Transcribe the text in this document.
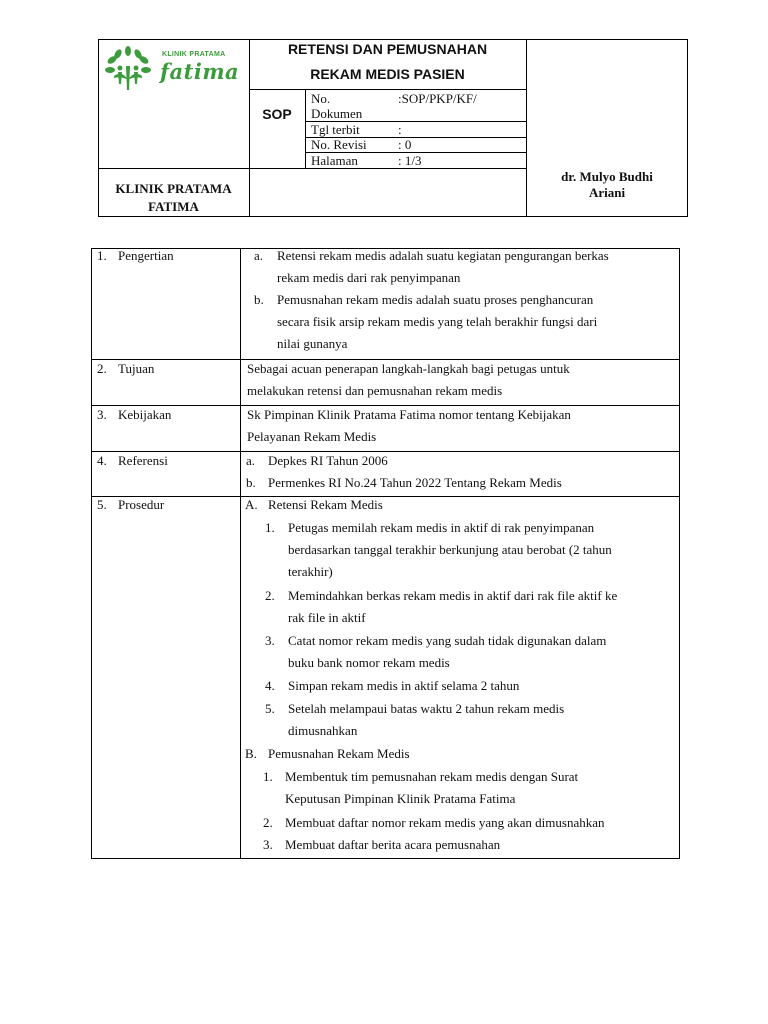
KLINIK PRATAMA
fatima
RETENSI DAN PEMUSNAHAN
REKAM MEDIS PASIEN
SOP
No. Dokumen
:SOP/PKP/KF/
Tgl terbit	:
No. Revisi : 0
Halaman	: 1/3
KLINIK PRATAMA
FATIMA
dr. Mulyo Budhi
Ariani
1. Pengertian	a. Retensi rekam medis adalah suatu kegiatan pengurangan berkas
rekam medis dari rak penyimpanan
b. Pemusnahan rekam medis adalah suatu proses penghancuran
secara fisik arsip rekam medis yang telah berakhir fungsi dari
nilai gunanya
2. Tujuan	Sebagai acuan penerapan langkah-langkah bagi petugas untuk
melakukan retensi dan pemusnahan rekam medis
3. Kebijakan	Sk Pimpinan Klinik Pratama Fatima nomor tentang Kebijakan
Pelayanan Rekam Medis
4. Referensi	a. Depkes RI Tahun 2006
b. Permenkes RI No.24 Tahun 2022 Tentang Rekam Medis
5. Prosedur	A. Retensi Rekam Medis
1. Petugas memilah rekam medis in aktif di rak penyimpanan
berdasarkan tanggal terakhir berkunjung atau berobat (2 tahun
terakhir)
2. Memindahkan berkas rekam medis in aktif dari rak file aktif ke
rak file in aktif
3. Catat nomor rekam medis yang sudah tidak digunakan dalam
buku bank nomor rekam medis
4. Simpan rekam medis in aktif selama 2 tahun
5. Setelah melampaui batas waktu 2 tahun rekam medis
dimusnahkan
B. Pemusnahan Rekam Medis
1. Membentuk tim pemusnahan rekam medis dengan Surat
Keputusan Pimpinan Klinik Pratama Fatima
2. Membuat daftar nomor rekam medis yang akan dimusnahkan
3. Membuat daftar berita acara pemusnahan
